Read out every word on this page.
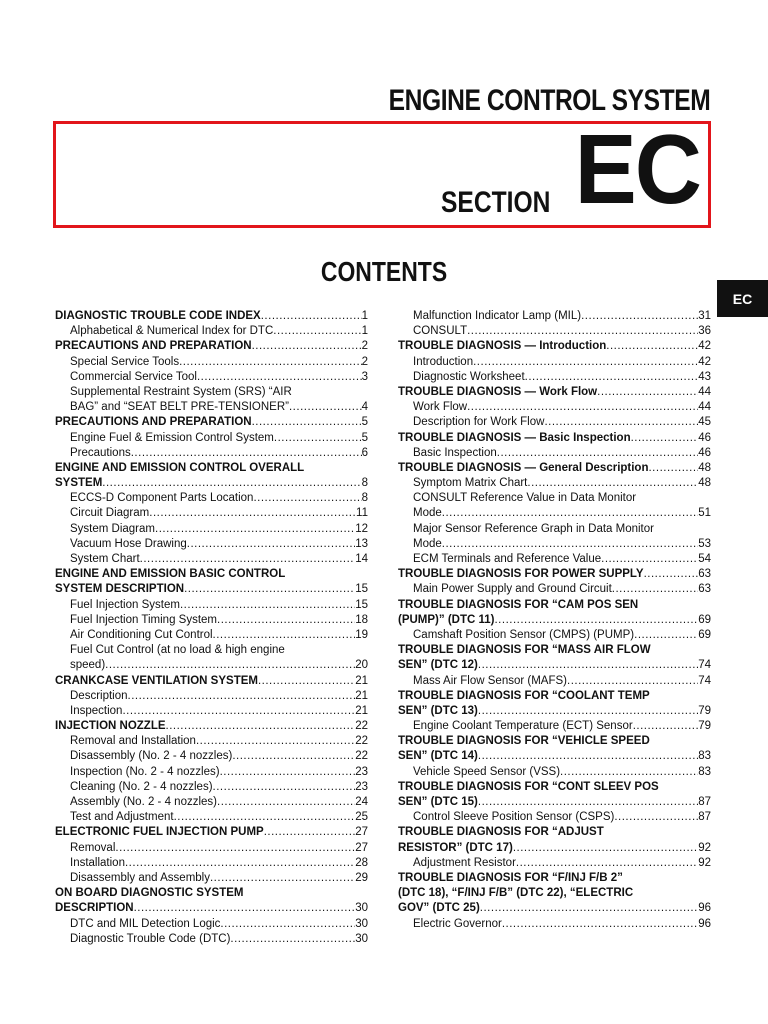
ENGINE CONTROL SYSTEM
SECTION EC
CONTENTS
EC
DIAGNOSTIC TROUBLE CODE INDEX .....	1
Alphabetical & Numerical Index for DTC .....	1
PRECAUTIONS AND PREPARATION .....	2
Special Service Tools .....	2
Commercial Service Tool .....	3
Supplemental Restraint System (SRS) “AIR
BAG” and “SEAT BELT PRE-TENSIONER” .....	4
PRECAUTIONS AND PREPARATION .....	5
Engine Fuel & Emission Control System .....	5
Precautions .....	6
ENGINE AND EMISSION CONTROL OVERALL
SYSTEM .....	8
ECCS-D Component Parts Location .....	8
Circuit Diagram .....	11
System Diagram .....	12
Vacuum Hose Drawing .....	13
System Chart .....	14
ENGINE AND EMISSION BASIC CONTROL
SYSTEM DESCRIPTION .....	15
Fuel Injection System .....	15
Fuel Injection Timing System .....	18
Air Conditioning Cut Control .....	19
Fuel Cut Control (at no load & high engine
speed) .....	20
CRANKCASE VENTILATION SYSTEM .....	21
Description .....	21
Inspection .....	21
INJECTION NOZZLE .....	22
Removal and Installation .....	22
Disassembly (No. 2 - 4 nozzles) .....	22
Inspection (No. 2 - 4 nozzles) .....	23
Cleaning (No. 2 - 4 nozzles) .....	23
Assembly (No. 2 - 4 nozzles) .....	24
Test and Adjustment .....	25
ELECTRONIC FUEL INJECTION PUMP .....	27
Removal .....	27
Installation .....	28
Disassembly and Assembly .....	29
ON BOARD DIAGNOSTIC SYSTEM
DESCRIPTION .....	30
DTC and MIL Detection Logic .....	30
Diagnostic Trouble Code (DTC) .....	30
Malfunction Indicator Lamp (MIL) .....	31
CONSULT .....	36
TROUBLE DIAGNOSIS — Introduction .....	42
Introduction .....	42
Diagnostic Worksheet .....	43
TROUBLE DIAGNOSIS — Work Flow .....	44
Work Flow .....	44
Description for Work Flow .....	45
TROUBLE DIAGNOSIS — Basic Inspection .....	46
Basic Inspection .....	46
TROUBLE DIAGNOSIS — General Description .....	48
Symptom Matrix Chart .....	48
CONSULT Reference Value in Data Monitor
Mode .....	51
Major Sensor Reference Graph in Data Monitor
Mode .....	53
ECM Terminals and Reference Value .....	54
TROUBLE DIAGNOSIS FOR POWER SUPPLY .....	63
Main Power Supply and Ground Circuit .....	63
TROUBLE DIAGNOSIS FOR “CAM POS SEN
(PUMP)” (DTC 11) .....	69
Camshaft Position Sensor (CMPS) (PUMP) .....	69
TROUBLE DIAGNOSIS FOR “MASS AIR FLOW
SEN” (DTC 12) .....	74
Mass Air Flow Sensor (MAFS) .....	74
TROUBLE DIAGNOSIS FOR “COOLANT TEMP
SEN” (DTC 13) .....	79
Engine Coolant Temperature (ECT) Sensor .....	79
TROUBLE DIAGNOSIS FOR “VEHICLE SPEED
SEN” (DTC 14) .....	83
Vehicle Speed Sensor (VSS) .....	83
TROUBLE DIAGNOSIS FOR “CONT SLEEV POS
SEN” (DTC 15) .....	87
Control Sleeve Position Sensor (CSPS) .....	87
TROUBLE DIAGNOSIS FOR “ADJUST
RESISTOR” (DTC 17) .....	92
Adjustment Resistor .....	92
TROUBLE DIAGNOSIS FOR “F/INJ F/B 2”
(DTC 18), “F/INJ F/B” (DTC 22), “ELECTRIC
GOV” (DTC 25) .....	96
Electric Governor .....	96
